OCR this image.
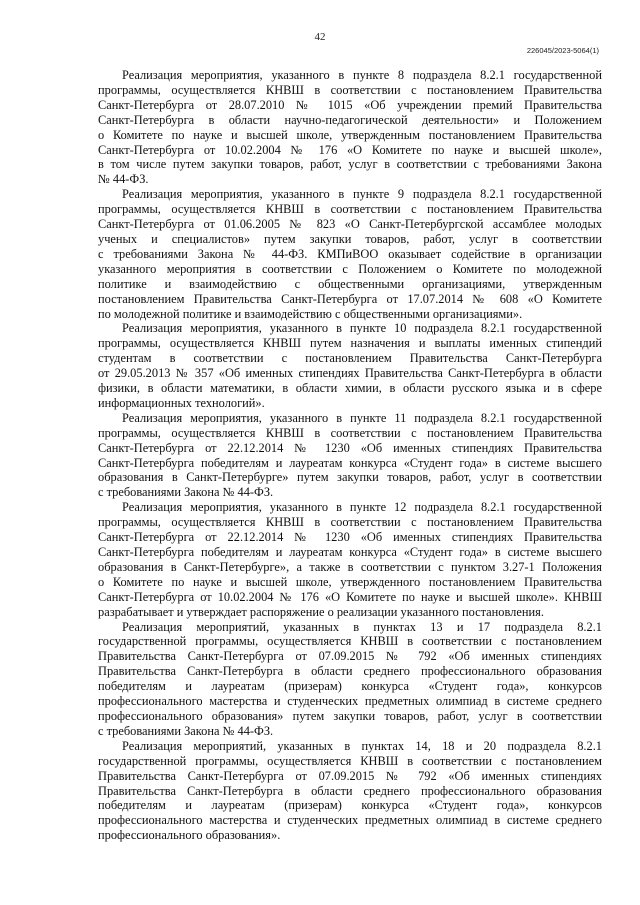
42
226045/2023-5064(1)

Реализация мероприятия, указанного в пункте 8 подраздела 8.2.1 государственной
программы, осуществляется КНВШ в соответствии с постановлением Правительства
Санкт-Петербурга от 28.07.2010 № 1015 «Об учреждении премий Правительства
Санкт-Петербурга в области научно-педагогической деятельности» и Положением
о Комитете по науке и высшей школе, утвержденным постановлением Правительства
Санкт-Петербурга от 10.02.2004 № 176 «О Комитете по науке и высшей школе»,
в том числе путем закупки товаров, работ, услуг в соответствии с требованиями Закона
№ 44-ФЗ.

Реализация мероприятия, указанного в пункте 9 подраздела 8.2.1 государственной
программы, осуществляется КНВШ в соответствии с постановлением Правительства
Санкт-Петербурга от 01.06.2005 № 823 «О Санкт-Петербургской ассамблее молодых
ученых и специалистов» путем закупки товаров, работ, услуг в соответствии
с требованиями Закона № 44-ФЗ. КМПиВОО оказывает содействие в организации
указанного мероприятия в соответствии с Положением о Комитете по молодежной
политике и взаимодействию с общественными организациями, утвержденным
постановлением Правительства Санкт-Петербурга от 17.07.2014 № 608 «О Комитете
по молодежной политике и взаимодействию с общественными организациями».

Реализация мероприятия, указанного в пункте 10 подраздела 8.2.1 государственной
программы, осуществляется КНВШ путем назначения и выплаты именных стипендий
студентам в соответствии с постановлением Правительства Санкт-Петербурга
от 29.05.2013 № 357 «Об именных стипендиях Правительства Санкт-Петербурга в области
физики, в области математики, в области химии, в области русского языка и в сфере
информационных технологий».

Реализация мероприятия, указанного в пункте 11 подраздела 8.2.1 государственной
программы, осуществляется КНВШ в соответствии с постановлением Правительства
Санкт-Петербурга от 22.12.2014 № 1230 «Об именных стипендиях Правительства
Санкт-Петербурга победителям и лауреатам конкурса «Студент года» в системе высшего
образования в Санкт-Петербурге» путем закупки товаров, работ, услуг в соответствии
с требованиями Закона № 44-ФЗ.

Реализация мероприятия, указанного в пункте 12 подраздела 8.2.1 государственной
программы, осуществляется КНВШ в соответствии с постановлением Правительства
Санкт-Петербурга от 22.12.2014 № 1230 «Об именных стипендиях Правительства
Санкт-Петербурга победителям и лауреатам конкурса «Студент года» в системе высшего
образования в Санкт-Петербурге», а также в соответствии с пунктом 3.27-1 Положения
о Комитете по науке и высшей школе, утвержденного постановлением Правительства
Санкт-Петербурга от 10.02.2004 № 176 «О Комитете по науке и высшей школе». КНВШ
разрабатывает и утверждает распоряжение о реализации указанного постановления.

Реализация мероприятий, указанных в пунктах 13 и 17 подраздела 8.2.1
государственной программы, осуществляется КНВШ в соответствии с постановлением
Правительства Санкт-Петербурга от 07.09.2015 № 792 «Об именных стипендиях
Правительства Санкт-Петербурга в области среднего профессионального образования
победителям и лауреатам (призерам) конкурса «Студент года», конкурсов
профессионального мастерства и студенческих предметных олимпиад в системе среднего
профессионального образования» путем закупки товаров, работ, услуг в соответствии
с требованиями Закона № 44-ФЗ.

Реализация мероприятий, указанных в пунктах 14, 18 и 20 подраздела 8.2.1
государственной программы, осуществляется КНВШ в соответствии с постановлением
Правительства Санкт-Петербурга от 07.09.2015 № 792 «Об именных стипендиях
Правительства Санкт-Петербурга в области среднего профессионального образования
победителям и лауреатам (призерам) конкурса «Студент года», конкурсов
профессионального мастерства и студенческих предметных олимпиад в системе среднего
профессионального образования».
